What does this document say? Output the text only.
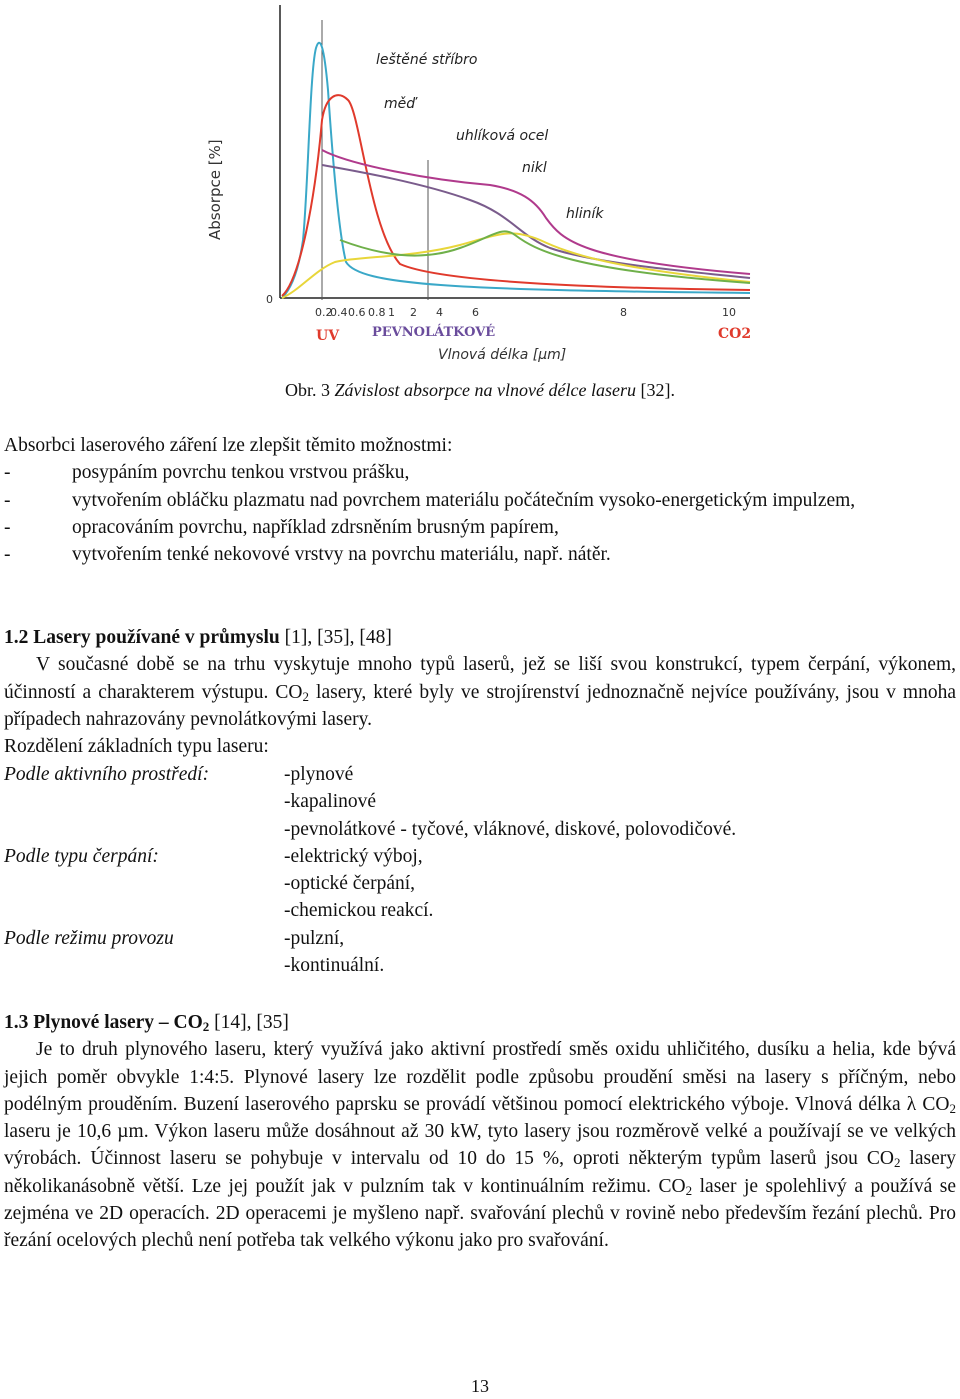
Absorpce [%]
0
0.2
0.4 0.6 0.8 1 2 4	6	8	10
leštěné stříbro
měď
uhlíková ocel
nikl
hliník
UV	PEVNOLÁTKOVÉ	CO2
Vlnová délka [µm]
Obr. 3 Závislost absorpce na vlnové délce laseru [32].
Absorbci laserového záření lze zlepšit těmito možnostmi:
-	posypáním povrchu tenkou vrstvou prášku,
-	vytvořením obláčku plazmatu nad povrchem materiálu počátečním vysoko-energetickým impulzem,
-	opracováním povrchu, například zdrsněním brusným papírem,
-	vytvořením tenké nekovové vrstvy na povrchu materiálu, např. nátěr.
1.2 Lasery používané v průmyslu [1], [35], [48]
V současné době se na trhu vyskytuje mnoho typů laserů, jež se liší svou konstrukcí, typem čerpání, výkonem, účinností a charakterem výstupu. $CO_2$ lasery, které byly ve strojírenství jednoznačně nejvíce používány, jsou v mnoha případech nahrazovány pevnolátkovými lasery.
Rozdělení základních typu laseru:
Podle aktivního prostředí:	-plynové
-kapalinové
-pevnolátkové - tyčové, vláknové, diskové, polovodičové.
Podle typu čerpání:	-elektrický výboj,
-optické čerpání,
-chemickou reakcí.
Podle režimu provozu	-pulzní,
-kontinuální.
1.3 Plynové lasery – $CO_2$ [14], [35]
Je to druh plynového laseru, který využívá jako aktivní prostředí směs oxidu uhličitého, dusíku a helia, kde bývá jejich poměr obvykle 1:4:5. Plynové lasery lze rozdělit podle způsobu proudění směsi na lasery s příčným, nebo podélným prouděním. Buzení laserového paprsku se provádí většinou pomocí elektrického výboje. Vlnová délka λ $CO_2$ laseru je 10,6 µm. Výkon laseru může dosáhnout až 30 kW, tyto lasery jsou rozměrově velké a používají se ve velkých výrobách. Účinnost laseru se pohybuje v intervalu od 10 do 15 %, oproti některým typům laserů jsou $CO_2$ lasery několikanásobně větší. Lze jej použít jak v pulzním tak v kontinuálním režimu. $CO_2$ laser je spolehlivý a používá se zejména ve 2D operacích. 2D operacemi je myšleno např. svařování plechů v rovině nebo především řezání plechů. Pro řezání ocelových plechů není potřeba tak velkého výkonu jako pro svařování.
13
